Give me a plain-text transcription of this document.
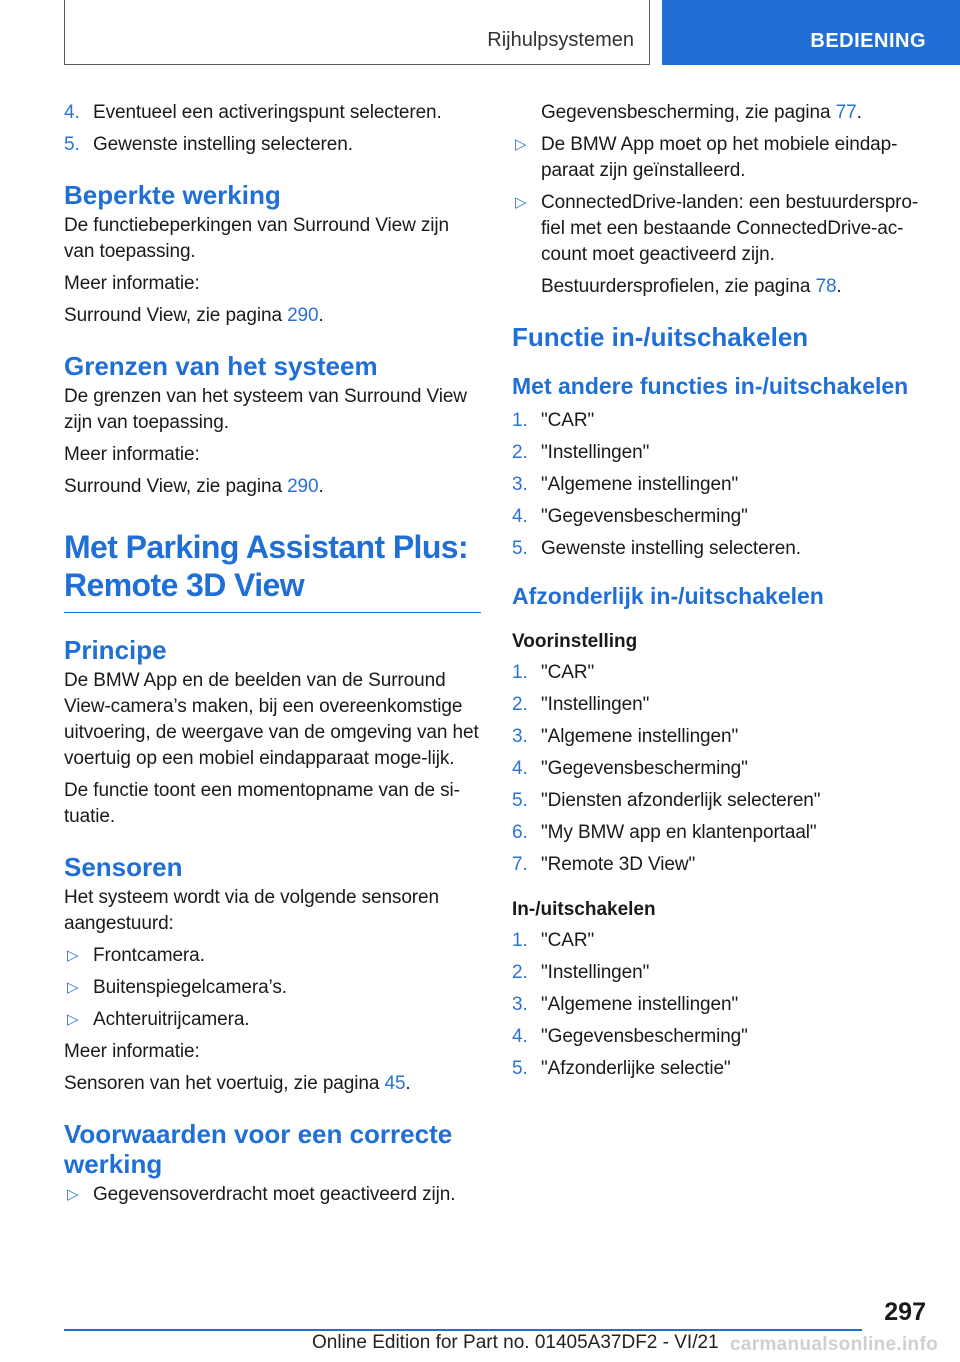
Rijhulpsystemen	BEDIENING
4. Eventueel een activeringspunt selecteren.
5. Gewenste instelling selecteren.
Beperkte werking

De functiebeperkingen van Surround View zijn van toepassing.

Meer informatie:

Surround View, zie pagina 290.

Grenzen van het systeem

De grenzen van het systeem van Surround View zijn van toepassing.

Meer informatie:

Surround View, zie pagina 290.

Met Parking Assistant Plus:
Remote 3D View
Principe

De BMW App en de beelden van de Surround View-camera’s maken, bij een overeenkomstige uitvoering, de weergave van de omgeving van het voertuig op een mobiel eindapparaat moge-lijk.

De functie toont een momentopname van de si-tuatie.

Sensoren

Het systeem wordt via de volgende sensoren aangestuurd:

▷ Frontcamera.
▷ Buitenspiegelcamera’s.
▷ Achteruitrijcamera.

Meer informatie:

Sensoren van het voertuig, zie pagina 45.

Voorwaarden voor een correcte werking
▷ Gegevensoverdracht moet geactiveerd zijn.

Gegevensbescherming, zie pagina 77.

▷ De BMW App moet op het mobiele eindap-paraat zijn geïnstalleerd.
▷ ConnectedDrive-landen: een bestuurderspro-fiel met een bestaande ConnectedDrive-ac-count moet geactiveerd zijn.

Bestuurdersprofielen, zie pagina 78.

Functie in-/uitschakelen
Met andere functies in-/uitschakelen
1. "CAR"
2. "Instellingen"
3. "Algemene instellingen"
4. "Gegevensbescherming"
5. Gewenste instelling selecteren.
Afzonderlijk in-/uitschakelen
Voorinstelling
1. "CAR"
2. "Instellingen"
3. "Algemene instellingen"
4. "Gegevensbescherming"
5. "Diensten afzonderlijk selecteren"
6. "My BMW app en klantenportaal"
7. "Remote 3D View"
In-/uitschakelen
1. "CAR"
2. "Instellingen"
3. "Algemene instellingen"
4. "Gegevensbescherming"
5. "Afzonderlijke selectie"
297
Online Edition for Part no. 01405A37DF2 - VI/21 carmanualsonline.info
